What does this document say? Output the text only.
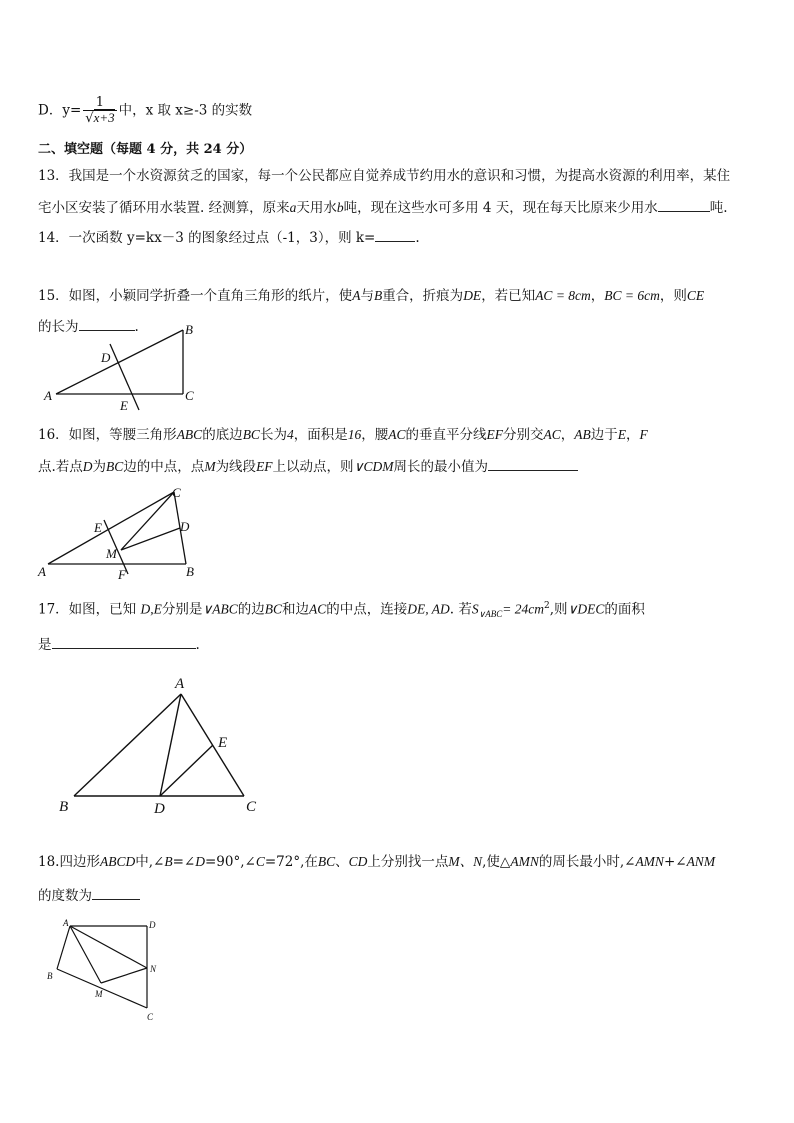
D．$y= \frac{1}{√x+3}$ 中，x 取 x≥-3 的实数
二、填空题（每题 4 分，共 24 分）
13．我国是一个水资源贫乏的国家，每一个公民都应自觉养成节约用水的意识和习惯，为提高水资源的利用率，某住
宅小区安装了循环用水装置. 经测算，原来a天用水b吨，现在这些水可多用 4 天，现在每天比原来少用水	吨.
14．一次函数 y=kx－3 的图象经过点（-1，3），则 k=	.
15．如图，小颖同学折叠一个直角三角形的纸片，使A与B重合，折痕为DE，若已知AC = 8cm，BC = 6cm，则CE
的长为	.
A
B
C
D
E
16．如图，等腰三角形ABC的底边BC长为4，面积是16，腰AC的垂直平分线EF分别交AC，AB边于E，F
点.若点D为BC边的中点，点M为线段EF上以动点，则∨CDM周长的最小值为
A	B
C
D
E
F
M
17．如图，已知 D,E分别是∨ABC的边BC和边AC的中点，连接DE, AD. 若$S_{\vee ABC}= 24cm^2$,则∨DEC的面积
是	.
A
B	C
D
E
18.四边形ABCD中,∠B=∠D=90°,∠C=72°,在BC、CD上分别找一点M、N,使△AMN的周长最小时,∠AMN+∠ANM
的度数为
A
B
C
D
M
N
